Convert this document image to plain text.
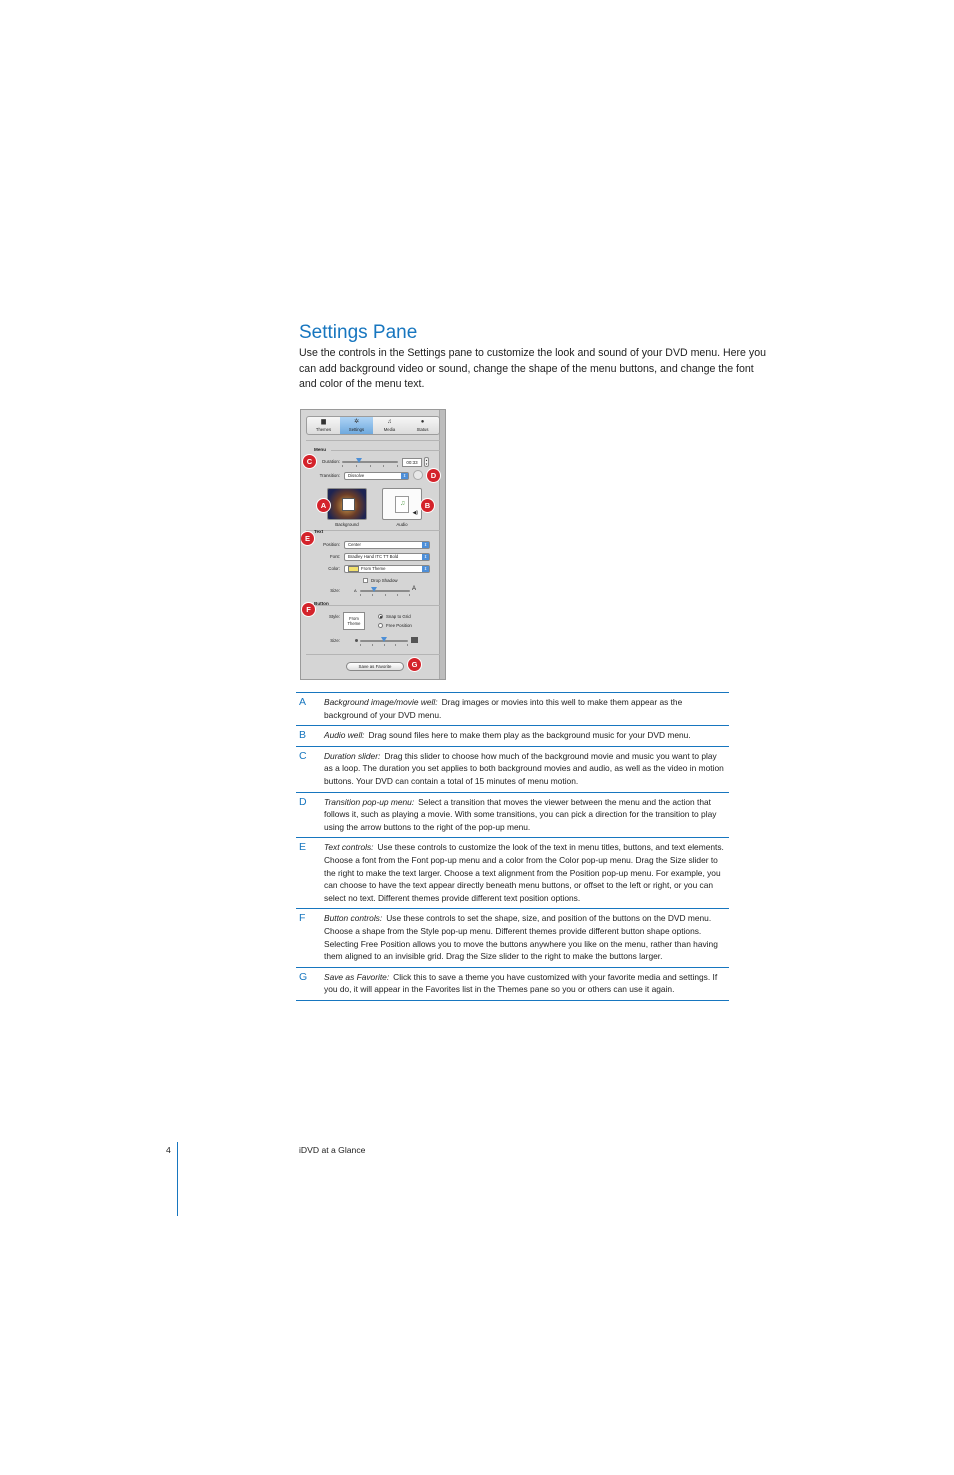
Settings Pane

Use the controls in the Settings pane to customize the look and sound of your DVD menu. Here you can add background video or sound, change the shape of the menu buttons, and change the font and color of the menu text.

▆
Themes
✲
Settings
♫
Media
●
Status
Menu
Duration:	00:33	▴
▾
Transition:	Dissolve	⇕
Background
♫
◀)
Audio
Text
Position:	Center	⇕
Font:	Bradley Hand ITC TT Bold	⇕
Color:	From Theme	⇕
Drop Shadow
Size:	A	A
Button
Style:	From
Theme
Snap to Grid
Free Position
Size:
Save as Favorite
C
D
A	B
E
F
G
A	Background image/movie well: Drag images or movies into this well to make them appear as the background of your DVD menu.
B	Audio well: Drag sound files here to make them play as the background music for your DVD menu.
C	Duration slider: Drag this slider to choose how much of the background movie and music you want to play as a loop. The duration you set applies to both background movies and audio, as well as the video in motion buttons. Your DVD can contain a total of 15 minutes of menu motion.
D	Transition pop-up menu: Select a transition that moves the viewer between the menu and the action that follows it, such as playing a movie. With some transitions, you can pick a direction for the transition to play using the arrow buttons to the right of the pop-up menu.
E	Text controls: Use these controls to customize the look of the text in menu titles, buttons, and text elements. Choose a font from the Font pop-up menu and a color from the Color pop-up menu. Drag the Size slider to the right to make the text larger. Choose a text alignment from the Position pop-up menu. For example, you can choose to have the text appear directly beneath menu buttons, or offset to the left or right, or you can select no text. Different themes provide different text position options.
F	Button controls: Use these controls to set the shape, size, and position of the buttons on the DVD menu. Choose a shape from the Style pop-up menu. Different themes provide different button shape options. Selecting Free Position allows you to move the buttons anywhere you like on the menu, rather than having them aligned to an invisible grid. Drag the Size slider to the right to make the buttons larger.
G	Save as Favorite: Click this to save a theme you have customized with your favorite media and settings. If you do, it will appear in the Favorites list in the Themes pane so you or others can use it again.
4	iDVD at a Glance
